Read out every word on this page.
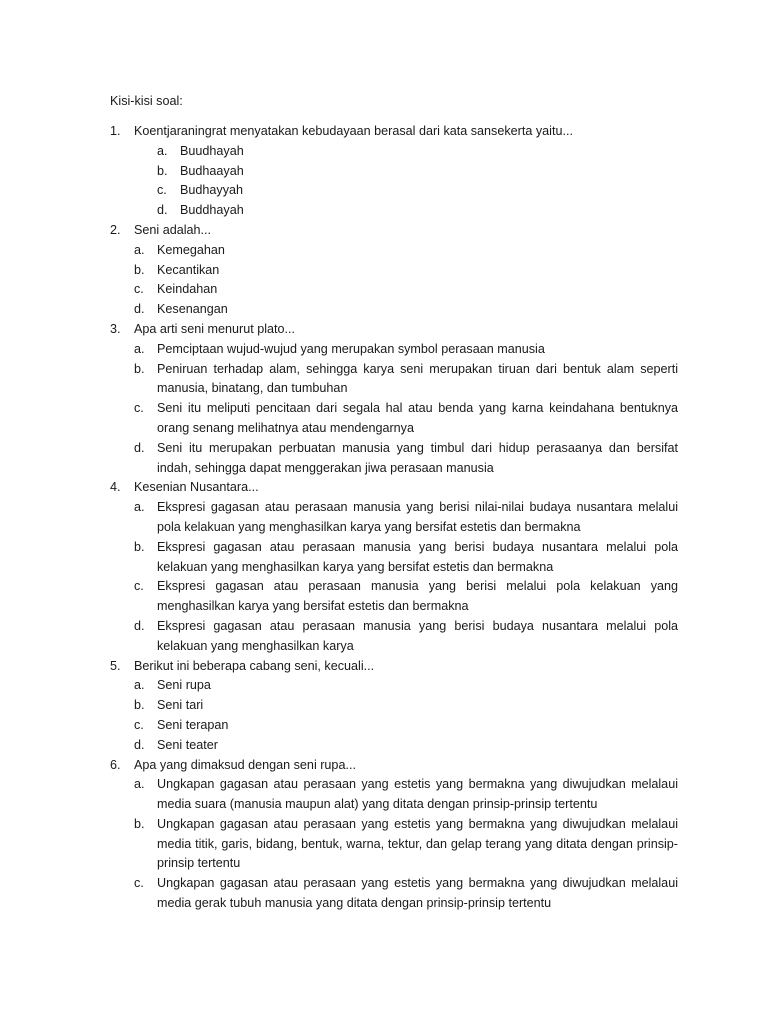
Kisi-kisi soal:

1.	Koentjaraningrat menyatakan kebudayaan berasal dari kata sansekerta yaitu...
a. Buudhayah
b. Budhaayah
c.	Budhayyah
d. Buddhayah
2.	Seni adalah...
a. Kemegahan
b. Kecantikan
c.	Keindahan
d. Kesenangan
3.	Apa arti seni menurut plato...
a. Pemciptaan wujud-wujud yang merupakan symbol perasaan manusia
b. Peniruan terhadap alam, sehingga karya seni merupakan tiruan dari bentuk alam seperti manusia, binatang, dan tumbuhan
c.	Seni itu meliputi pencitaan dari segala hal atau benda yang karna keindahana bentuknya orang senang melihatnya atau mendengarnya
d. Seni itu merupakan perbuatan manusia yang timbul dari hidup perasaanya dan bersifat indah, sehingga dapat menggerakan jiwa perasaan manusia
4.	Kesenian Nusantara...
a. Ekspresi gagasan atau perasaan manusia yang berisi nilai-nilai budaya nusantara melalui pola kelakuan yang menghasilkan karya yang bersifat estetis dan bermakna
b. Ekspresi gagasan atau perasaan manusia yang berisi budaya nusantara melalui pola kelakuan yang menghasilkan karya yang bersifat estetis dan bermakna
c.	Ekspresi gagasan atau perasaan manusia yang berisi melalui pola kelakuan yang menghasilkan karya yang bersifat estetis dan bermakna
d. Ekspresi gagasan atau perasaan manusia yang berisi budaya nusantara melalui pola kelakuan yang menghasilkan karya
5.	Berikut ini beberapa cabang seni, kecuali...
a. Seni rupa
b. Seni tari
c.	Seni terapan
d. Seni teater
6.	Apa yang dimaksud dengan seni rupa...
a. Ungkapan gagasan atau perasaan yang estetis yang bermakna yang diwujudkan melalaui media suara (manusia maupun alat) yang ditata dengan prinsip-prinsip tertentu
b. Ungkapan gagasan atau perasaan yang estetis yang bermakna yang diwujudkan melalaui media titik, garis, bidang, bentuk, warna, tektur, dan gelap terang yang ditata dengan prinsip-prinsip tertentu
c.	Ungkapan gagasan atau perasaan yang estetis yang bermakna yang diwujudkan melalaui media gerak tubuh manusia yang ditata dengan prinsip-prinsip tertentu
